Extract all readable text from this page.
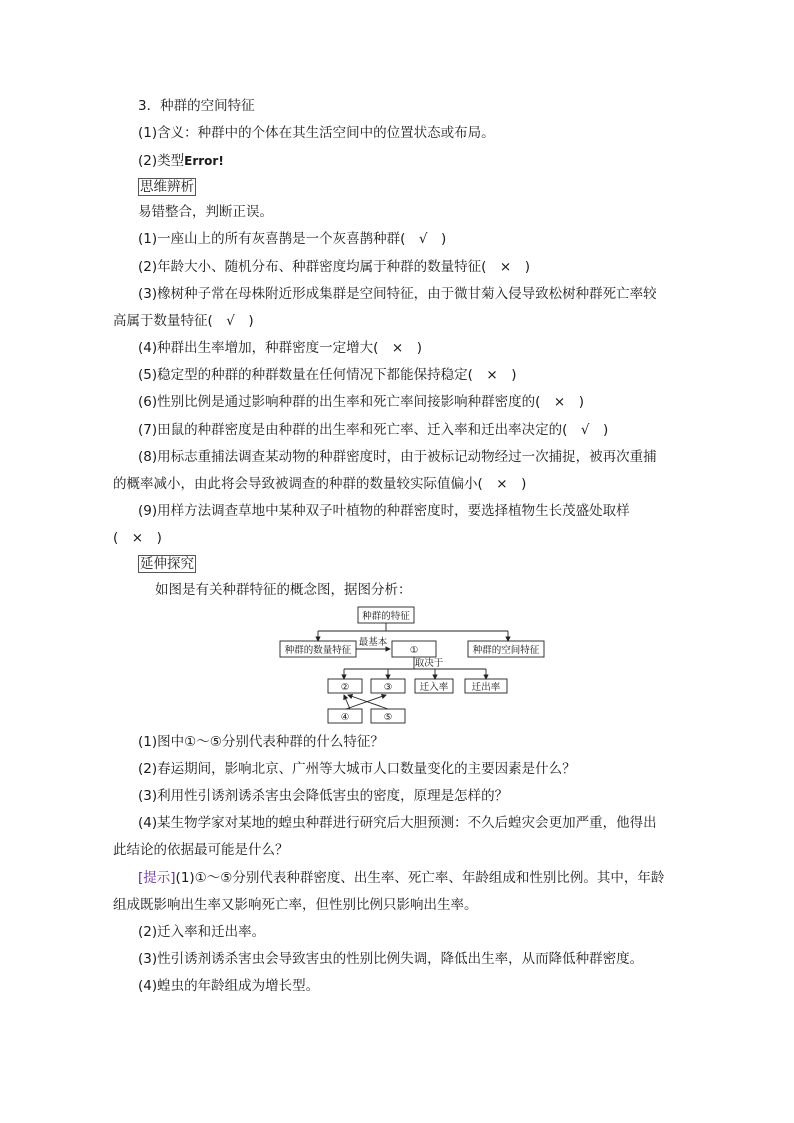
3．种群的空间特征
(1)含义：种群中的个体在其生活空间中的位置状态或布局。
(2)类型Error!
思维辨析
易错整合，判断正误。
(1)一座山上的所有灰喜鹊是一个灰喜鹊种群(　√　)
(2)年龄大小、随机分布、种群密度均属于种群的数量特征(　×　)
(3)橡树种子常在母株附近形成集群是空间特征，由于微甘菊入侵导致松树种群死亡率较
高属于数量特征(　√　)
(4)种群出生率增加，种群密度一定增大(　×　)
(5)稳定型的种群的种群数量在任何情况下都能保持稳定(　×　)
(6)性别比例是通过影响种群的出生率和死亡率间接影响种群密度的(　×　)
(7)田鼠的种群密度是由种群的出生率和死亡率、迁入率和迁出率决定的(　√　)
(8)用标志重捕法调查某动物的种群密度时，由于被标记动物经过一次捕捉，被再次重捕
的概率减小，由此将会导致被调查的种群的数量较实际值偏小(　×　)
(9)用样方法调查草地中某种双子叶植物的种群密度时，要选择植物生长茂盛处取样
(　×　)
延伸探究
如图是有关种群特征的概念图，据图分析：
种群的特征
种群的数量特征	种群的空间特征
最基本
①
取决于
②	③	迁入率 迁出率
④	⑤
(1)图中①～⑤分别代表种群的什么特征？
(2)春运期间，影响北京、广州等大城市人口数量变化的主要因素是什么？
(3)利用性引诱剂诱杀害虫会降低害虫的密度，原理是怎样的？
(4)某生物学家对某地的蝗虫种群进行研究后大胆预测：不久后蝗灾会更加严重，他得出
此结论的依据最可能是什么？
[提示](1)①～⑤分别代表种群密度、出生率、死亡率、年龄组成和性别比例。其中，年龄
组成既影响出生率又影响死亡率，但性别比例只影响出生率。
(2)迁入率和迁出率。
(3)性引诱剂诱杀害虫会导致害虫的性别比例失调，降低出生率，从而降低种群密度。
(4)蝗虫的年龄组成为增长型。
